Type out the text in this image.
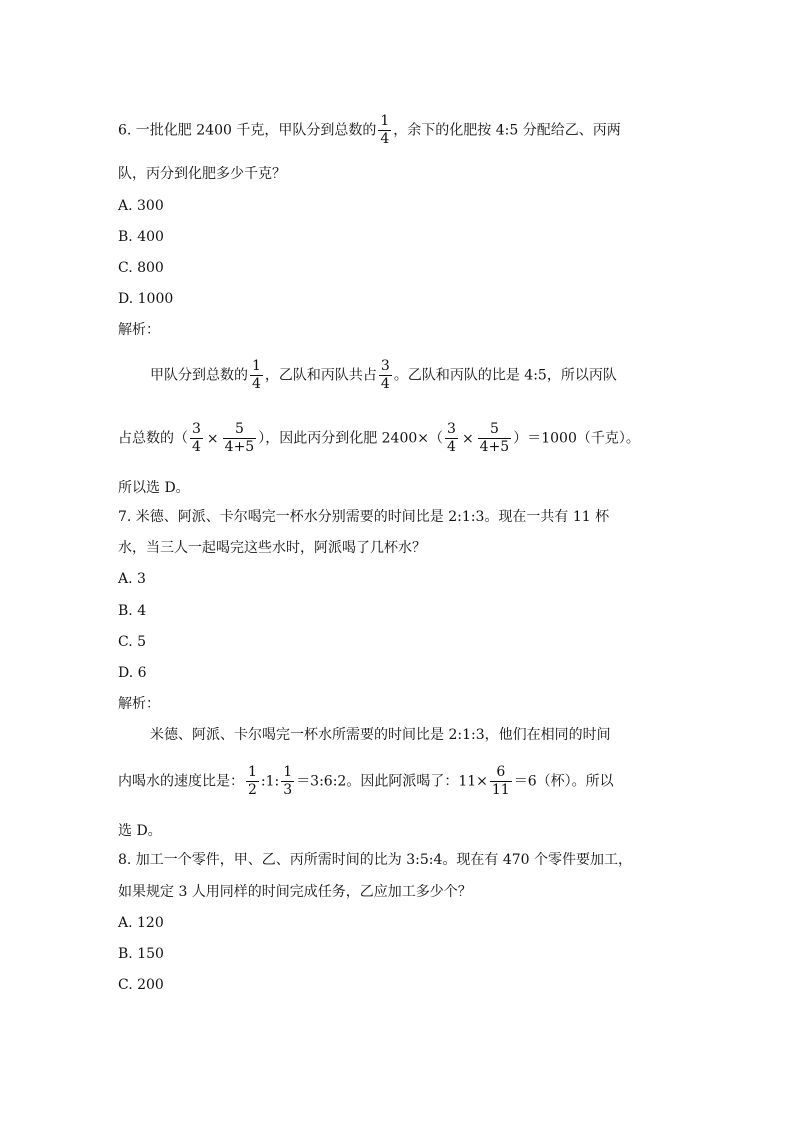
6. 一批化肥 2400 千克，甲队分到总数的 $\frac{1}{4}$ ，余下的化肥按 4:5 分配给乙、丙两
队，丙分到化肥多少千克？
A. 300
B. 400
C. 800
D. 1000
解析：
甲队分到总数的 $\frac{1}{4}$ ，乙队和丙队共占 $\frac{3}{4}$ 。乙队和丙队的比是 4:5，所以丙队
占总数的（ $\frac{3}{4} \times \frac{5}{4+5}$ ），因此丙分到化肥 $2400\times( \frac{3}{4} \times \frac{5}{4+5} )=1000$（千克）。
所以选 D。
7. 米德、阿派、卡尔喝完一杯水分别需要的时间比是 2:1:3。现在一共有 11 杯
水，当三人一起喝完这些水时，阿派喝了几杯水？
A. 3
B. 4
C. 5
D. 6
解析：
米德、阿派、卡尔喝完一杯水所需要的时间比是 2:1:3，他们在相同的时间
内喝水的速度比是： $\frac{1}{2}$ :1: $\frac{1}{3}$ ＝3:6:2。因此阿派喝了：$11\times \frac{6}{11} =6$（杯）。所以
选 D。
8. 加工一个零件，甲、乙、丙所需时间的比为 3:5:4。现在有 470 个零件要加工，
如果规定 3 人用同样的时间完成任务，乙应加工多少个？
A. 120
B. 150
C. 200
